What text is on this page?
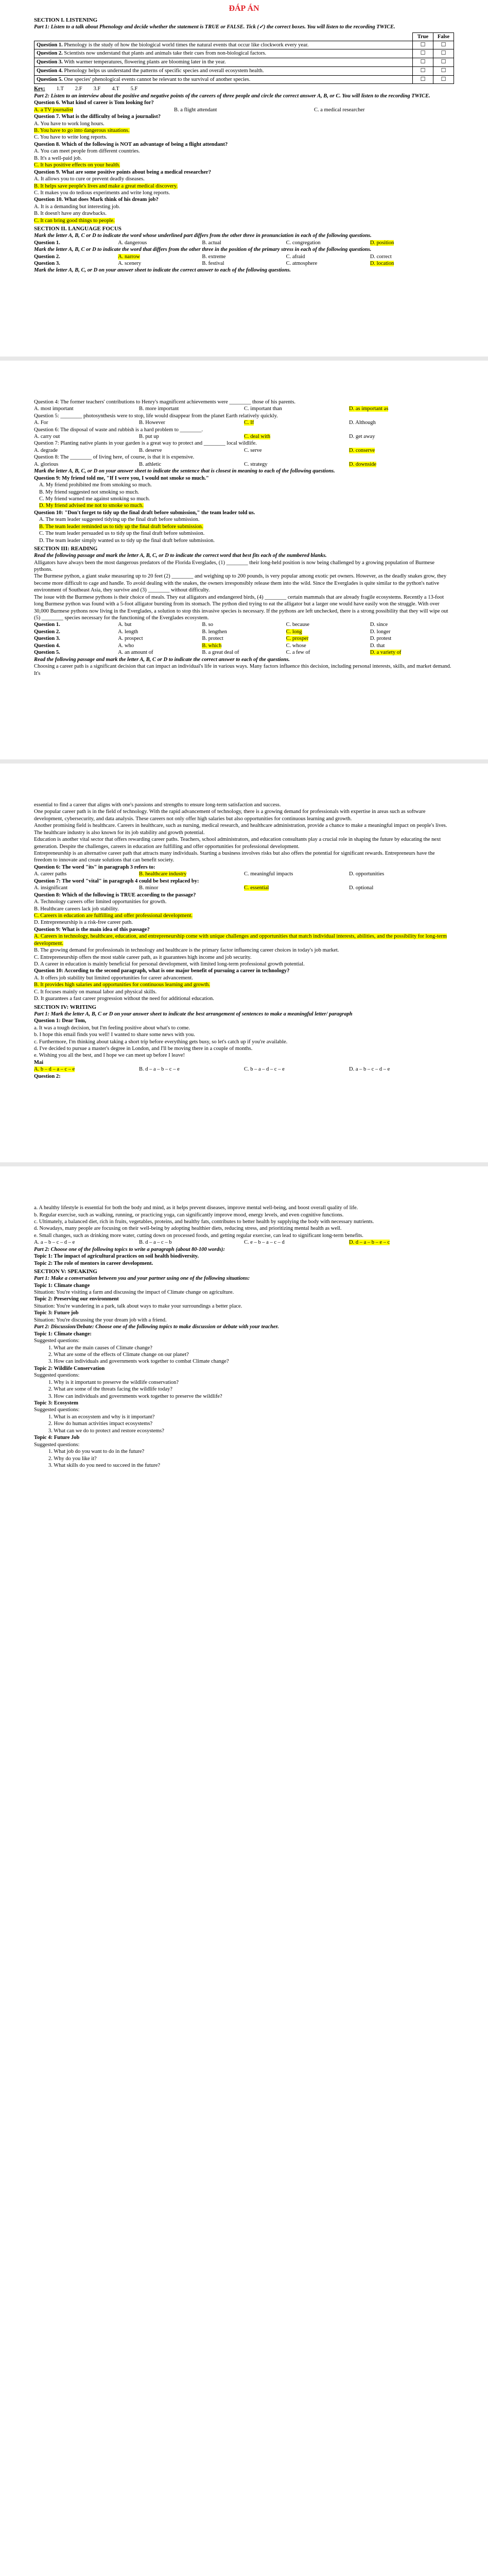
ĐÁP ÁN

SECTION I. LISTENING

Part 1: Listen to a talk about Phenology and decide whether the statement is TRUE or FALSE. Tick (✓) the correct boxes. You will listen to the recording TWICE.

	True	False
Question 1. Phenology is the study of how the biological world times the natural events that occur like clockwork every year.	☐	☐
Question 2. Scientists now understand that plants and animals take their cues from non-biological factors.	☐	☐
Question 3. With warmer temperatures, flowering plants are blooming later in the year.	☐	☐
Question 4. Phenology helps us understand the patterns of specific species and overall ecosystem health.	☐	☐
Question 5. One species' phenological events cannot be relevant to the survival of another species.	☐	☐
Key: 1.T 2.F 3.F 4.T 5.F

Part 2: Listen to an interview about the positive and negative points of the careers of three people and circle the correct answer A, B, or C. You will listen to the recording TWICE.

Question 6. What kind of career is Tom looking for?

A. a TV journalist	B. a flight attendant	C. a medical researcher

Question 7. What is the difficulty of being a journalist?

A. You have to work long hours.

B. You have to go into dangerous situations.

C. You have to write long reports.

Question 8. Which of the following is NOT an advantage of being a flight attendant?

A. You can meet people from different countries.

B. It's a well-paid job.

C. It has positive effects on your health.

Question 9. What are some positive points about being a medical researcher?

A. It allows you to cure or prevent deadly diseases.

B. It helps save people's lives and make a great medical discovery.

C. It makes you do tedious experiments and write long reports.

Question 10. What does Mark think of his dream job?

A. It is a demanding but interesting job.

B. It doesn't have any drawbacks.

C. It can bring good things to people.

SECTION II. LANGUAGE FOCUS

Mark the letter A, B, C or D to indicate the word whose underlined part differs from the other three in pronunciation in each of the following questions.

Question 1.	A. dangerous	B. actual	C. congregation	D. position

Mark the letter A, B, C or D to indicate the word that differs from the other three in the position of the primary stress in each of the following questions.

Question 2.	A. narrow	B. extreme	C. afraid	D. correct
Question 3.	A. scenery	B. festival	C. atmosphere	D. location

Mark the letter A, B, C, or D on your answer sheet to indicate the correct answer to each of the following questions.

Question 4: The former teachers' contributions to Henry's magnificent achievements were ________ those of his parents.

A. most important	B. more important	C. important than	D. as important as

Question 5: ________ photosynthesis were to stop, life would disappear from the planet Earth relatively quickly.

A. For	B. However	C. If	D. Although

Question 6: The disposal of waste and rubbish is a hard problem to ________.

A. carry out	B. put up	C. deal with	D. get away

Question 7: Planting native plants in your garden is a great way to protect and ________ local wildlife.

A. degrade	B. deserve	C. serve	D. conserve

Question 8: The ________ of living here, of course, is that it is expensive.

A. glorious	B. athletic	C. strategy	D. downside

Mark the letter A, B, C, or D on your answer sheet to indicate the sentence that is closest in meaning to each of the following questions.

Question 9: My friend told me, "If I were you, I would not smoke so much."

A. My friend prohibited me from smoking so much.

B. My friend suggested not smoking so much.

C. My friend warned me against smoking so much.

D. My friend advised me not to smoke so much.

Question 10: "Don't forget to tidy up the final draft before submission," the team leader told us.

A. The team leader suggested tidying up the final draft before submission.

B. The team leader reminded us to tidy up the final draft before submission.

C. The team leader persuaded us to tidy up the final draft before submission.

D. The team leader simply wanted us to tidy up the final draft before submission.

SECTION III: READING

Read the following passage and mark the letter A, B, C, or D to indicate the correct word that best fits each of the numbered blanks.

Alligators have always been the most dangerous predators of the Florida Everglades, (1) ________ their long-held position is now being challenged by a growing population of Burmese pythons.

The Burmese python, a giant snake measuring up to 20 feet (2) ________ and weighing up to 200 pounds, is very popular among exotic pet owners. However, as the deadly snakes grow, they become more difficult to cage and handle. To avoid dealing with the snakes, the owners irresponsibly release them into the wild. Since the Everglades is quite similar to the python's native environment of Southeast Asia, they survive and (3) ________ without difficulty.

The issue with the Burmese pythons is their choice of meals. They eat alligators and endangered birds, (4) ________ certain mammals that are already fragile ecosystems. Recently a 13-foot long Burmese python was found with a 5-foot alligator bursting from its stomach. The python died trying to eat the alligator but a larger one would have easily won the struggle. With over 30,000 Burmese pythons now living in the Everglades, a solution to stop this invasive species is necessary. If the pythons are left unchecked, there is a strong possibility that they will wipe out (5) ________ species necessary for the functioning of the Everglades ecosystem.

Question 1.	A. but	B. so	C. because	D. since
Question 2.	A. length	B. lengthen	C. long	D. longer
Question 3.	A. prospect	B. protect	C. prosper	D. protest
Question 4.	A. who	B. which	C. whose	D. that
Question 5.	A. an amount of	B. a great deal of	C. a few of	D. a variety of

Read the following passage and mark the letter A, B, C or D to indicate the correct answer to each of the questions.

Choosing a career path is a significant decision that can impact an individual's life in various ways. Many factors influence this decision, including personal interests, skills, and market demand. It's

essential to find a career that aligns with one's passions and strengths to ensure long-term satisfaction and success.

One popular career path is in the field of technology. With the rapid advancement of technology, there is a growing demand for professionals with expertise in areas such as software development, cybersecurity, and data analysis. These careers not only offer high salaries but also opportunities for continuous learning and growth.

Another promising field is healthcare. Careers in healthcare, such as nursing, medical research, and healthcare administration, provide a chance to make a meaningful impact on people's lives. The healthcare industry is also known for its job stability and growth potential.

Education is another vital sector that offers rewarding career paths. Teachers, school administrators, and education consultants play a crucial role in shaping the future by educating the next generation. Despite the challenges, careers in education are fulfilling and offer opportunities for professional development.

Entrepreneurship is an alternative career path that attracts many individuals. Starting a business involves risks but also offers the potential for significant rewards. Entrepreneurs have the freedom to innovate and create solutions that can benefit society.

Question 6: The word "its" in paragraph 3 refers to:

A. career paths	B. healthcare industry	C. meaningful impacts	D. opportunities

Question 7: The word "vital" in paragraph 4 could be best replaced by:

A. insignificant	B. minor	C. essential	D. optional

Question 8: Which of the following is TRUE according to the passage?

A. Technology careers offer limited opportunities for growth.

B. Healthcare careers lack job stability.

C. Careers in education are fulfilling and offer professional development.

D. Entrepreneurship is a risk-free career path.

Question 9: What is the main idea of this passage?

A. Careers in technology, healthcare, education, and entrepreneurship come with unique challenges and opportunities that match individual interests, abilities, and the possibility for long-term development.

B. The growing demand for professionals in technology and healthcare is the primary factor influencing career choices in today's job market.

C. Entrepreneurship offers the most stable career path, as it guarantees high income and job security.

D. A career in education is mainly beneficial for personal development, with limited long-term professional growth potential.

Question 10: According to the second paragraph, what is one major benefit of pursuing a career in technology?

A. It offers job stability but limited opportunities for career advancement.

B. It provides high salaries and opportunities for continuous learning and growth.

C. It focuses mainly on manual labor and physical skills.

D. It guarantees a fast career progression without the need for additional education.

SECTION IV: WRITING

Part 1: Mark the letter A, B, C or D on your answer sheet to indicate the best arrangement of sentences to make a meaningful letter/ paragraph

Question 1: Dear Tom,

a. It was a tough decision, but I'm feeling positive about what's to come.

b. I hope this email finds you well! I wanted to share some news with you.

c. Furthermore, I'm thinking about taking a short trip before everything gets busy, so let's catch up if you're available.

d. I've decided to pursue a master's degree in London, and I'll be moving there in a couple of months.

e. Wishing you all the best, and I hope we can meet up before I leave!

Mai

A. b – d – a – c – e	B. d – a – b – c – e	C. b – a – d – c – e	D. a – b – c – d – e

Question 2:

a. A healthy lifestyle is essential for both the body and mind, as it helps prevent diseases, improve mental well-being, and boost overall quality of life.

b. Regular exercise, such as walking, running, or practicing yoga, can significantly improve mood, energy levels, and even cognitive functions.

c. Ultimately, a balanced diet, rich in fruits, vegetables, proteins, and healthy fats, contributes to better health by supplying the body with necessary nutrients.

d. Nowadays, many people are focusing on their well-being by adopting healthier diets, reducing stress, and prioritizing mental health as well.

e. Small changes, such as drinking more water, cutting down on processed foods, and getting regular exercise, can lead to significant long-term benefits.

A. a – b – c – d – e	B. d – a – c – b	C. e – b – a – c – d	D. d – a – b – e – c

Part 2: Choose one of the following topics to write a paragraph (about 80-100 words):

Topic 1: The impact of agricultural practices on soil health biodiversity.

Topic 2: The role of mentors in career development.

SECTION V: SPEAKING

Part 1: Make a conversation between you and your partner using one of the following situations:

Topic 1: Climate change

Situation: You're visiting a farm and discussing the impact of Climate change on agriculture.

Topic 2: Preserving our environment

Situation: You're wandering in a park, talk about ways to make your surroundings a better place.

Topic 3: Future job

Situation: You're discussing the your dream job with a friend.

Part 2: Discussion/Debate: Choose one of the following topics to make discussion or debate with your teacher.

Topic 1: Climate change:

Suggested questions:

1. What are the main causes of Climate change?

2. What are some of the effects of Climate change on our planet?

3. How can individuals and governments work together to combat Climate change?

Topic 2: Wildlife Conservation

Suggested questions:

1. Why is it important to preserve the wildlife conservation?

2. What are some of the threats facing the wildlife today?

3. How can individuals and governments work together to preserve the wildlife?

Topic 3: Ecosystem

Suggested questions:

1. What is an ecosystem and why is it important?

2. How do human activities impact ecosystems?

3. What can we do to protect and restore ecosystems?

Topic 4: Future Job

Suggested questions:

1. What job do you want to do in the future?

2. Why do you like it?

3. What skills do you need to succeed in the future?
